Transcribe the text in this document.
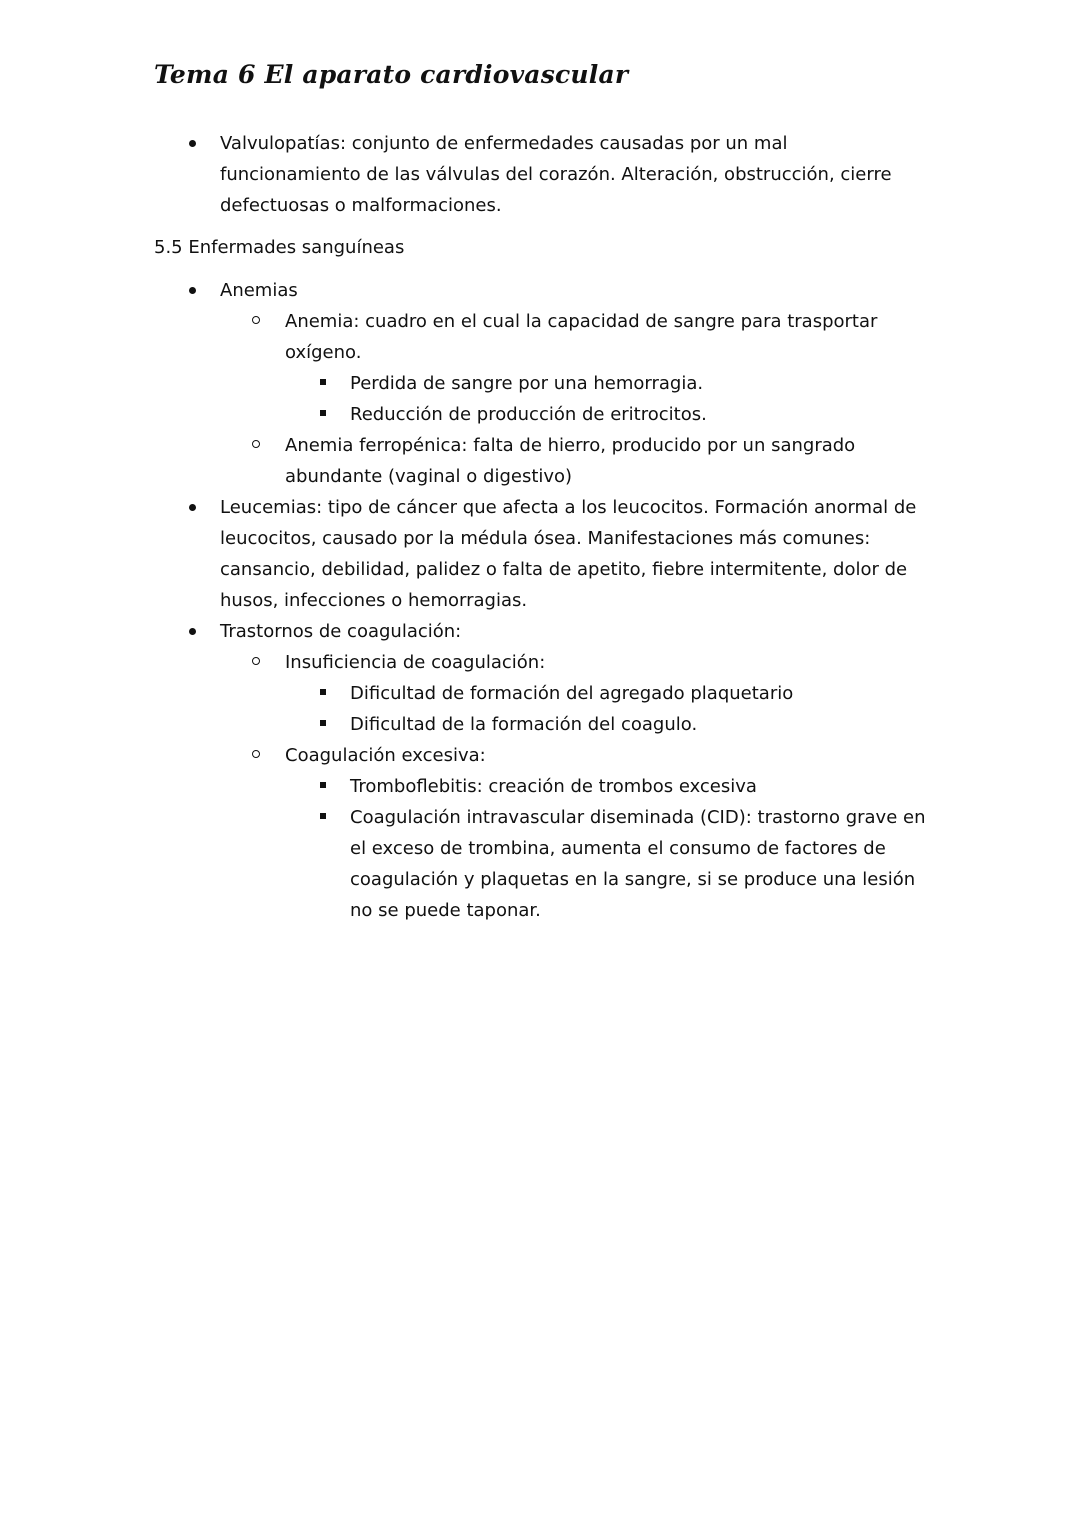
Tema 6 El aparato cardiovascular
Valvulopatías: conjunto de enfermedades causadas por un mal funcionamiento de las válvulas del corazón. Alteración, obstrucción, cierre defectuosas o malformaciones.
5.5 Enfermades sanguíneas
Anemias
Anemia: cuadro en el cual la capacidad de sangre para trasportar oxígeno.
Perdida de sangre por una hemorragia.
Reducción de producción de eritrocitos.
Anemia ferropénica: falta de hierro, producido por un sangrado abundante (vaginal o digestivo)
Leucemias: tipo de cáncer que afecta a los leucocitos. Formación anormal de leucocitos, causado por la médula ósea. Manifestaciones más comunes: cansancio, debilidad, palidez o falta de apetito, fiebre intermitente, dolor de husos, infecciones o hemorragias.
Trastornos de coagulación:
Insuficiencia de coagulación:
Dificultad de formación del agregado plaquetario
Dificultad de la formación del coagulo.
Coagulación excesiva:
Tromboflebitis: creación de trombos excesiva
Coagulación intravascular diseminada (CID): trastorno grave en el exceso de trombina, aumenta el consumo de factores de coagulación y plaquetas en la sangre, si se produce una lesión no se puede taponar.
